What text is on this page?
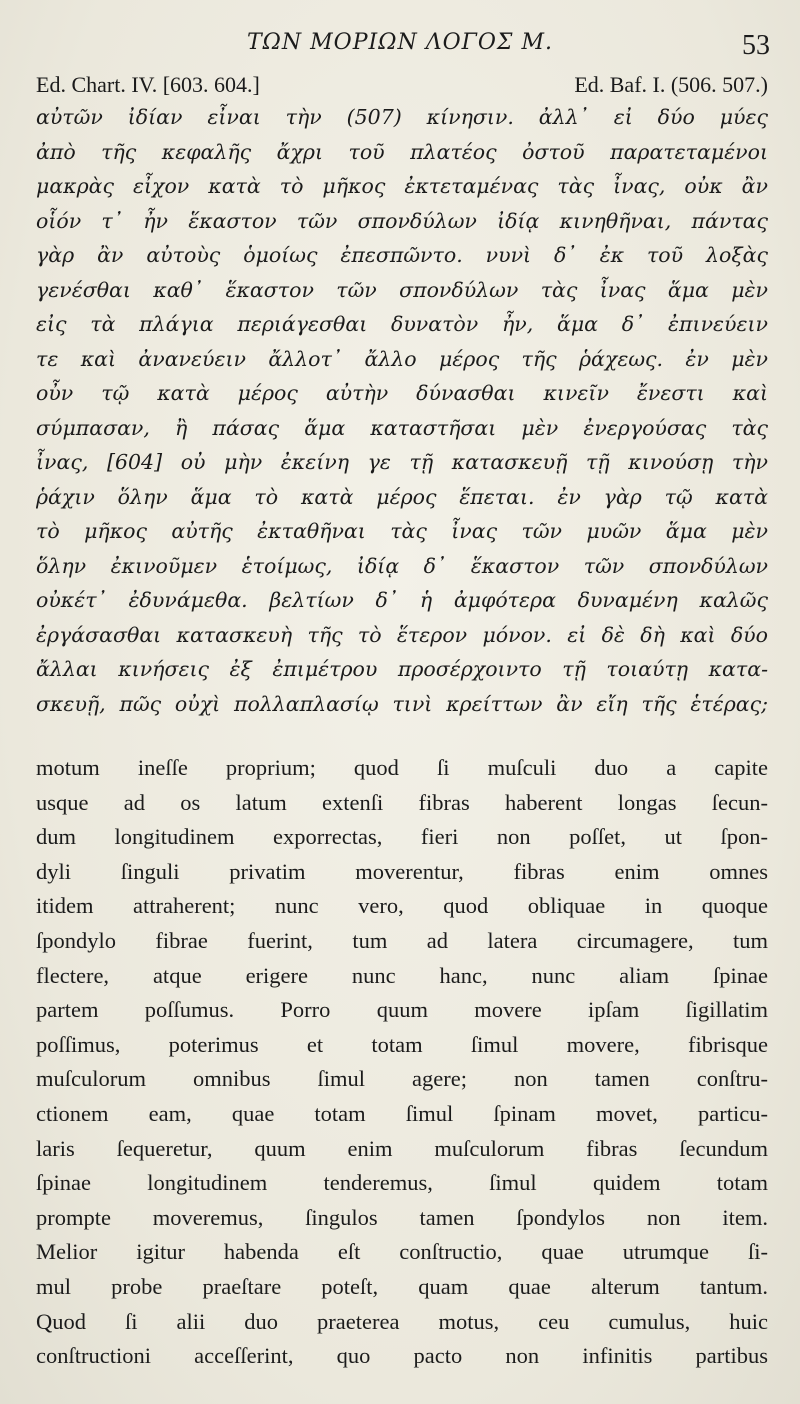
ΤΩΝ ΜΟΡΙΩΝ ΛΟΓΟΣ Μ.	53
Ed. Chart. IV. [603. 604.]	Ed. Baf. I. (506. 507.)
αὐτῶν ἰδίαν εἶναι τὴν (507) κίνησιν. ἀλλ᾽ εἰ δύο μύες
ἀπὸ τῆς κεφαλῆς ἄχρι τοῦ πλατέος ὀστοῦ παρατεταμένοι
μακρὰς εἶχον κατὰ τὸ μῆκος ἐκτεταμένας τὰς ἶνας, οὐκ ἂν
οἷόν τ᾽ ἦν ἕκαστον τῶν σπονδύλων ἰδίᾳ κινηθῆναι, πάντας
γὰρ ἂν αὐτοὺς ὁμοίως ἐπεσπῶντο. νυνὶ δ᾽ ἐκ τοῦ λοξὰς
γενέσθαι καθ᾽ ἕκαστον τῶν σπονδύλων τὰς ἶνας ἅμα μὲν
εἰς τὰ πλάγια περιάγεσθαι δυνατὸν ἦν, ἅμα δ᾽ ἐπινεύειν
τε καὶ ἀνανεύειν ἄλλοτ᾽ ἄλλο μέρος τῆς ῥάχεως. ἐν μὲν
οὖν τῷ κατὰ μέρος αὐτὴν δύνασθαι κινεῖν ἔνεστι καὶ
σύμπασαν, ἢ πάσας ἅμα καταστῆσαι μὲν ἐνεργούσας τὰς
ἶνας, [604] οὐ μὴν ἐκείνη γε τῇ κατασκευῇ τῇ κινούσῃ τὴν
ῥάχιν ὅλην ἅμα τὸ κατὰ μέρος ἕπεται. ἐν γὰρ τῷ κατὰ
τὸ μῆκος αὐτῆς ἐκταθῆναι τὰς ἶνας τῶν μυῶν ἅμα μὲν
ὅλην ἐκινοῦμεν ἑτοίμως, ἰδίᾳ δ᾽ ἕκαστον τῶν σπονδύλων
οὐκέτ᾽ ἐδυνάμεθα. βελτίων δ᾽ ἡ ἀμφότερα δυναμένη καλῶς
ἐργάσασθαι κατασκευὴ τῆς τὸ ἕτερον μόνον. εἰ δὲ δὴ καὶ δύο
ἄλλαι κινήσεις ἐξ ἐπιμέτρου προσέρχοιντο τῇ τοιαύτῃ κατα-
σκευῇ, πῶς οὐχὶ πολλαπλασίῳ τινὶ κρείττων ἂν εἴη τῆς ἑτέρας;
motum ineſſe proprium; quod ſi muſculi duo a capite
usque ad os latum extenſi fibras haberent longas ſecun-
dum longitudinem exporrectas, fieri non poſſet, ut ſpon-
dyli ſinguli privatim moverentur, fibras enim omnes
itidem attraherent; nunc vero, quod obliquae in quoque
ſpondylo fibrae fuerint, tum ad latera circumagere, tum
flectere, atque erigere nunc hanc, nunc aliam ſpinae
partem poſſumus. Porro quum movere ipſam ſigillatim
poſſimus, poterimus et totam ſimul movere, fibrisque
muſculorum omnibus ſimul agere; non tamen conſtru-
ctionem eam, quae totam ſimul ſpinam movet, particu-
laris ſequeretur, quum enim muſculorum fibras ſecundum
ſpinae longitudinem tenderemus, ſimul quidem totam
prompte moveremus, ſingulos tamen ſpondylos non item.
Melior igitur habenda eſt conſtructio, quae utrumque ſi-
mul probe praeſtare poteſt, quam quae alterum tantum.
Quod ſi alii duo praeterea motus, ceu cumulus, huic
conſtructioni acceſſerint, quo pacto non infinitis partibus
